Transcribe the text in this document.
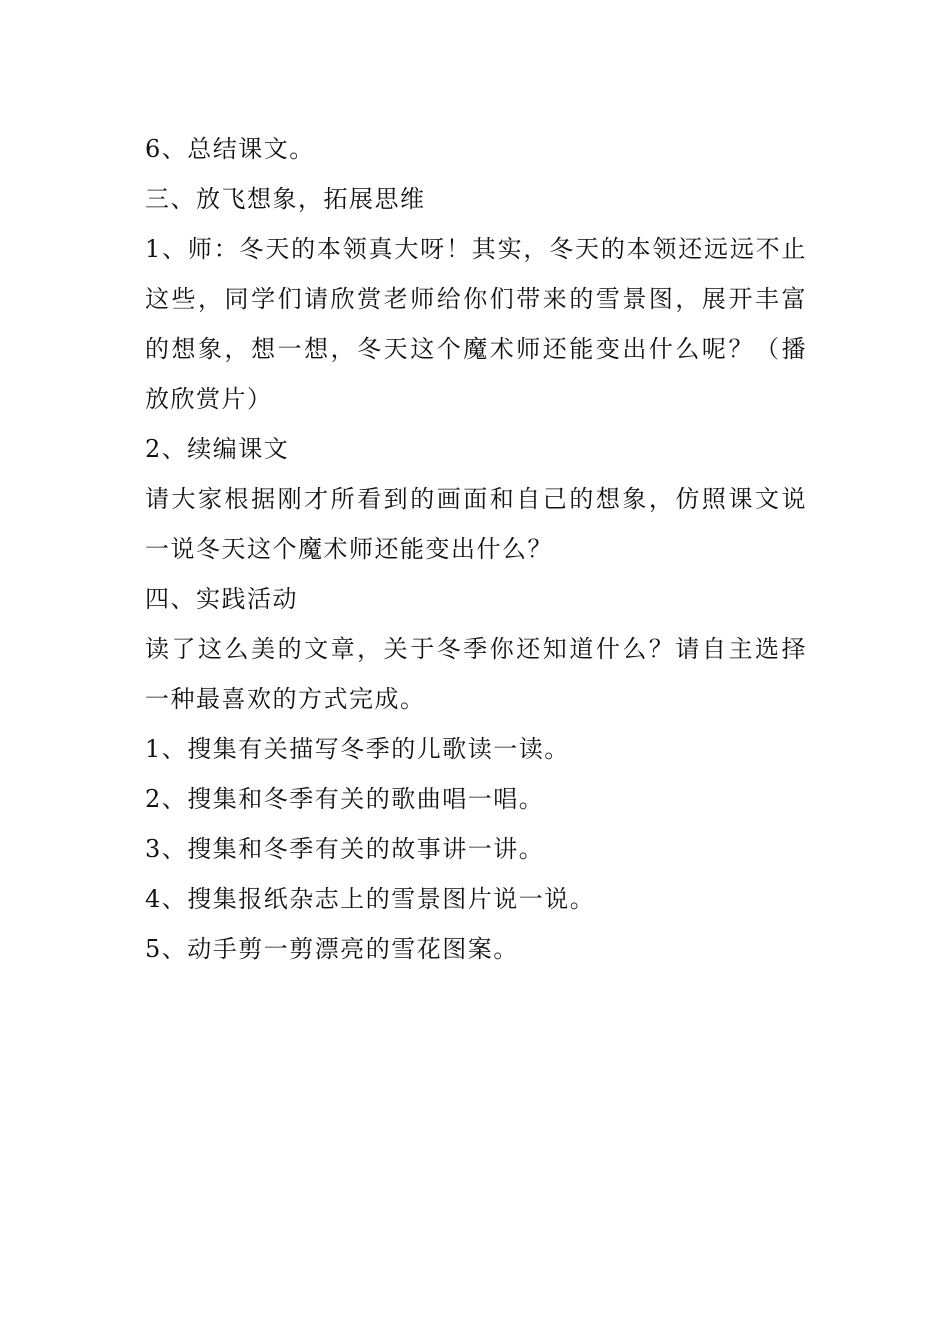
6、总结课文。

三、放飞想象，拓展思维

1、师：冬天的本领真大呀！其实，冬天的本领还远远不止这些，同学们请欣赏老师给你们带来的雪景图，展开丰富的想象，想一想，冬天这个魔术师还能变出什么呢？（播放欣赏片）

2、续编课文

请大家根据刚才所看到的画面和自己的想象，仿照课文说一说冬天这个魔术师还能变出什么？

四、实践活动

读了这么美的文章，关于冬季你还知道什么？请自主选择一种最喜欢的方式完成。

1、搜集有关描写冬季的儿歌读一读。

2、搜集和冬季有关的歌曲唱一唱。

3、搜集和冬季有关的故事讲一讲。

4、搜集报纸杂志上的雪景图片说一说。

5、动手剪一剪漂亮的雪花图案。
